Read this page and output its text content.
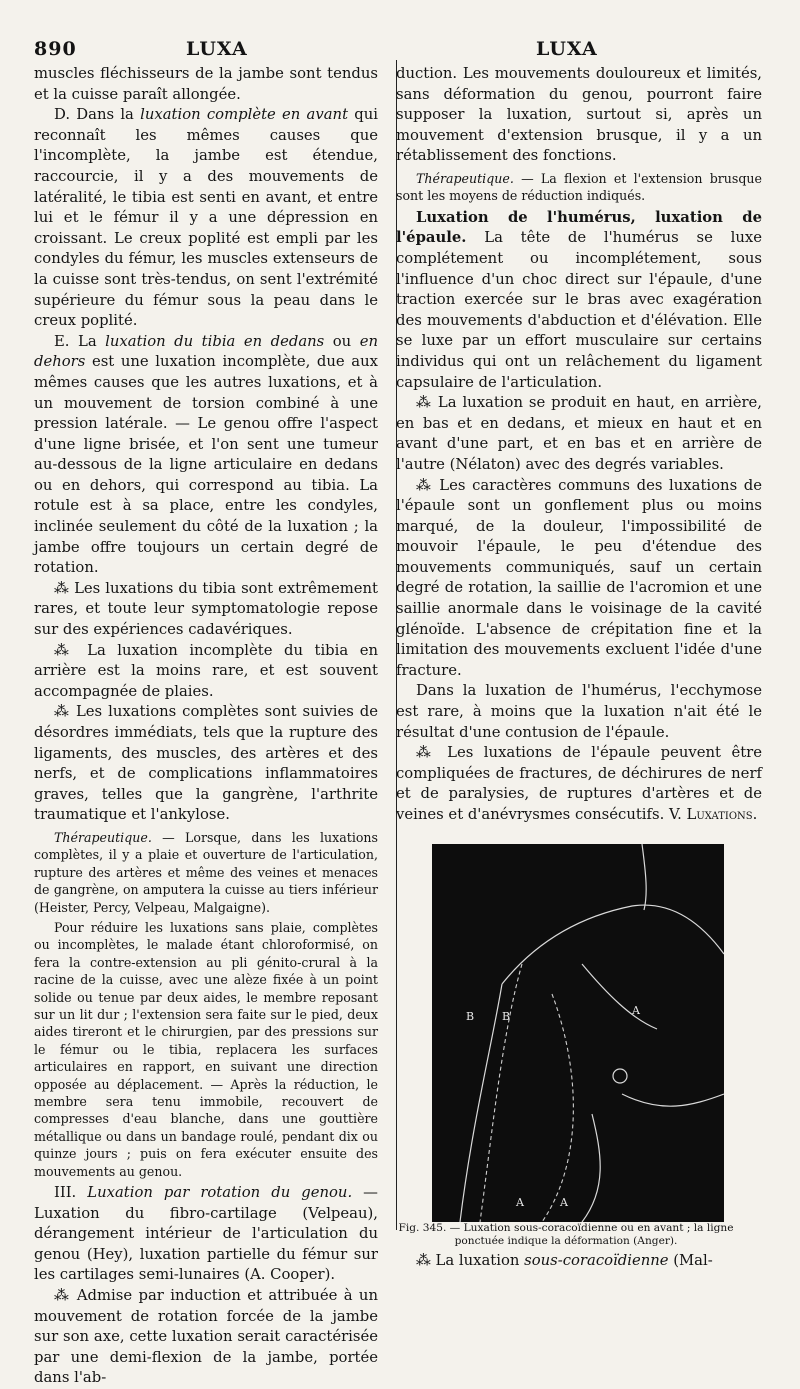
890	LUXA	LUXA

muscles fléchisseurs de la jambe sont tendus et la cuisse paraît allongée.

D. Dans la luxation complète en avant qui reconnaît les mêmes causes que l'incomplète, la jambe est étendue, raccourcie, il y a des mouvements de latéralité, le tibia est senti en avant, et entre lui et le fémur il y a une dépression en croissant. Le creux poplité est empli par les condyles du fémur, les muscles extenseurs de la cuisse sont très-tendus, on sent l'extrémité supérieure du fémur sous la peau dans le creux poplité.

E. La luxation du tibia en dedans ou en dehors est une luxation incomplète, due aux mêmes causes que les autres luxations, et à un mouvement de torsion combiné à une pression latérale. — Le genou offre l'aspect d'une ligne brisée, et l'on sent une tumeur au-dessous de la ligne articulaire en dedans ou en dehors, qui correspond au tibia. La rotule est à sa place, entre les condyles, inclinée seulement du côté de la luxation ; la jambe offre toujours un certain degré de rotation.

⁂ Les luxations du tibia sont extrêmement rares, et toute leur symptomatologie repose sur des expériences cadavériques.

⁂ La luxation incomplète du tibia en arrière est la moins rare, et est souvent accompagnée de plaies.

⁂ Les luxations complètes sont suivies de désordres immédiats, tels que la rupture des ligaments, des muscles, des artères et des nerfs, et de complications inflammatoires graves, telles que la gangrène, l'arthrite traumatique et l'ankylose.

Thérapeutique. — Lorsque, dans les luxations complètes, il y a plaie et ouverture de l'articulation, rupture des artères et même des veines et menaces de gangrène, on amputera la cuisse au tiers inférieur (Heister, Percy, Velpeau, Malgaigne).

Pour réduire les luxations sans plaie, complètes ou incomplètes, le malade étant chloroformisé, on fera la contre-extension au pli génito-crural à la racine de la cuisse, avec une alèze fixée à un point solide ou tenue par deux aides, le membre reposant sur un lit dur ; l'extension sera faite sur le pied, deux aides tireront et le chirurgien, par des pressions sur le fémur ou le tibia, replacera les surfaces articulaires en rapport, en suivant une direction opposée au déplacement. — Après la réduction, le membre sera tenu immobile, recouvert de compresses d'eau blanche, dans une gouttière métallique ou dans un bandage roulé, pendant dix ou quinze jours ; puis on fera exécuter ensuite des mouvements au genou.

III. Luxation par rotation du genou. — Luxation du fibro-cartilage (Velpeau), dérangement intérieur de l'articulation du genou (Hey), luxation partielle du fémur sur les cartilages semi-lunaires (A. Cooper).

⁂ Admise par induction et attribuée à un mouvement de rotation forcée de la jambe sur son axe, cette luxation serait caractérisée par une demi-flexion de la jambe, portée dans l'ab-

duction. Les mouvements douloureux et limités, sans déformation du genou, pourront faire supposer la luxation, surtout si, après un mouvement d'extension brusque, il y a un rétablissement des fonctions.

Thérapeutique. — La flexion et l'extension brusque sont les moyens de réduction indiqués.

Luxation de l'humérus, luxation de l'épaule. La tête de l'humérus se luxe complétement ou incomplétement, sous l'influence d'un choc direct sur l'épaule, d'une traction exercée sur le bras avec exagération des mouvements d'abduction et d'élévation. Elle se luxe par un effort musculaire sur certains individus qui ont un relâchement du ligament capsulaire de l'articulation.

⁂ La luxation se produit en haut, en arrière, en bas et en dedans, et mieux en haut et en avant d'une part, et en bas et en arrière de l'autre (Nélaton) avec des degrés variables.

⁂ Les caractères communs des luxations de l'épaule sont un gonflement plus ou moins marqué, de la douleur, l'impossibilité de mouvoir l'épaule, le peu d'étendue des mouvements communiqués, sauf un certain degré de rotation, la saillie de l'acromion et une saillie anormale dans le voisinage de la cavité glénoïde. L'absence de crépitation fine et la limitation des mouvements excluent l'idée d'une fracture.

Dans la luxation de l'humérus, l'ecchymose est rare, à moins que la luxation n'ait été le résultat d'une contusion de l'épaule.

⁂ Les luxations de l'épaule peuvent être compliquées de fractures, de déchirures de nerf et de paralysies, de ruptures d'artères et de veines et d'anévrysmes consécutifs. V. Luxations.

A
B	B
A	A

Fig. 345. — Luxation sous-coracoïdienne ou en avant ; la ligne ponctuée indique la déformation (Anger).

⁂ La luxation sous-coracoïdienne (Mal-
